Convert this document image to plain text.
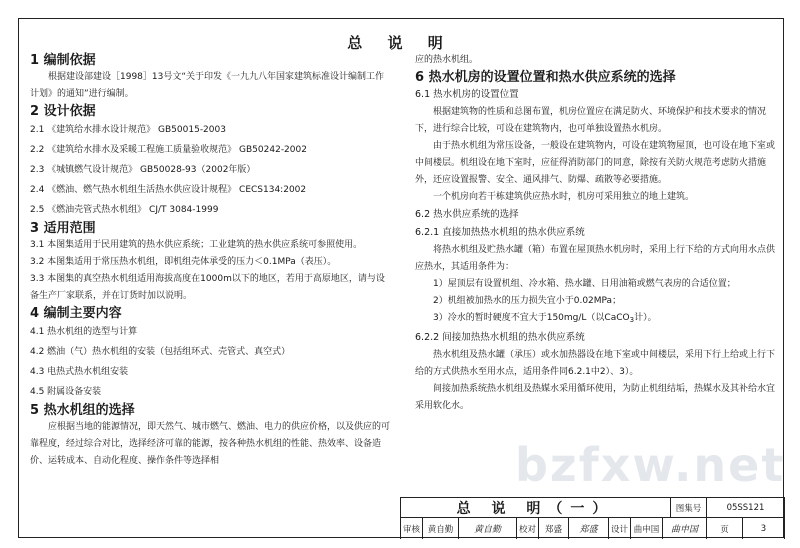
总 说 明

1 编制依据

根据建设部建设［1998］13号文“关于印发《一九九八年国家建筑标准设计编制工作计划》的通知”进行编制。

2 设计依据

2.1 《建筑给水排水设计规范》 GB50015-2003

2.2 《建筑给水排水及采暖工程施工质量验收规范》 GB50242-2002

2.3 《城镇燃气设计规范》 GB50028-93（2002年版）

2.4 《燃油、燃气热水机组生活热水供应设计规程》 CECS134:2002

2.5 《燃油壳管式热水机组》 CJ/T 3084-1999

3 适用范围

3.1 本图集适用于民用建筑的热水供应系统；工业建筑的热水供应系统可参照使用。

3.2 本图集适用于常压热水机组，即机组壳体承受的压力＜0.1MPa（表压）。

3.3 本图集的真空热水机组适用海拔高度在1000m以下的地区，若用于高原地区，请与设备生产厂家联系，并在订货时加以说明。

4 编制主要内容

4.1 热水机组的选型与计算

4.2 燃油（气）热水机组的安装（包括组环式、壳管式、真空式）

4.3 电热式热水机组安装

4.5 附属设备安装

5 热水机组的选择

应根据当地的能源情况，即天然气、城市燃气、燃油、电力的供应价格，以及供应的可靠程度，经过综合对比，选择经济可靠的能源，按各种热水机组的性能、热效率、设备造价、运转成本、自动化程度、操作条件等选择相

应的热水机组。

6 热水机房的设置位置和热水供应系统的选择

6.1 热水机房的设置位置

根据建筑物的性质和总图布置，机房位置应在满足防火、环境保护和技术要求的情况下，进行综合比较，可设在建筑物内，也可单独设置热水机房。

由于热水机组为常压设备，一般设在建筑物内，可设在建筑物屋顶，也可设在地下室或中间楼层。机组设在地下室时，应征得消防部门的同意，除按有关防火规范考虑防火措施外，还应设置报警、安全、通风排气、防爆、疏散等必要措施。

一个机房向若干栋建筑供应热水时，机房可采用独立的地上建筑。

6.2 热水供应系统的选择

6.2.1 直接加热热水机组的热水供应系统

将热水机组及贮热水罐（箱）布置在屋顶热水机房时，采用上行下给的方式向用水点供应热水，其适用条件为：

1）屋顶层有设置机组、冷水箱、热水罐、日用油箱或燃气表房的合适位置；

2）机组被加热水的压力损失宜小于0.02MPa；

3）冷水的暂时硬度不宜大于150mg/L（以CaCO$_3$计）。

6.2.2 间接加热热水机组的热水供应系统

热水机组及热水罐（承压）或水加热器设在地下室或中间楼层，采用下行上给或上行下给的方式供热水至用水点，适用条件同6.2.1中2）、3）。

间接加热系统热水机组及热媒水采用循环使用，为防止机组结垢，热媒水及其补给水宜采用软化水。

bzfxw.net
总 说 明（一）	图集号	05SS121
审核 黄自勤	黄自勤	校对	郑盛	郑盛	设计 曲申国	曲申国	页	3
